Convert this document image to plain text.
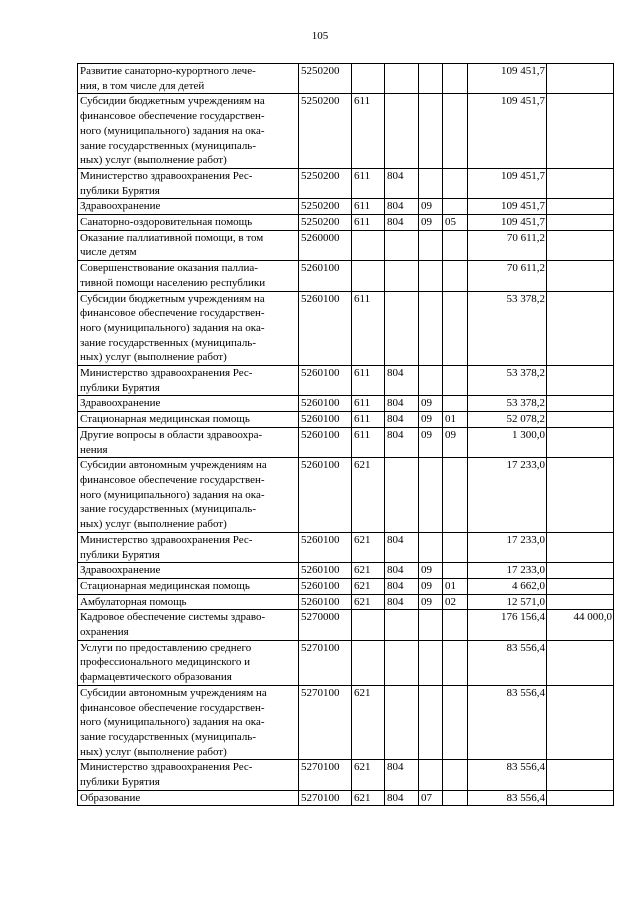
105
Развитие санаторно-курортного лече-
ния, в том числе для детей	5250200					109 451,7	
Субсидии бюджетным учреждениям на
финансовое обеспечение государствен-
ного (муниципального) задания на ока-
зание государственных (муниципаль-
ных) услуг (выполнение работ)	5250200	611				109 451,7	
Министерство здравоохранения Рес-
публики Бурятия	5250200	611	804			109 451,7	
Здравоохранение	5250200	611	804	09		109 451,7	
Санаторно-оздоровительная помощь	5250200	611	804	09	05	109 451,7	
Оказание паллиативной помощи, в том
числе детям	5260000					70 611,2	
Совершенствование оказания паллиа-
тивной помощи населению республики	5260100					70 611,2	
Субсидии бюджетным учреждениям на
финансовое обеспечение государствен-
ного (муниципального) задания на ока-
зание государственных (муниципаль-
ных) услуг (выполнение работ)	5260100	611				53 378,2	
Министерство здравоохранения Рес-
публики Бурятия	5260100	611	804			53 378,2	
Здравоохранение	5260100	611	804	09		53 378,2	
Стационарная медицинская помощь	5260100	611	804	09	01	52 078,2	
Другие вопросы в области здравоохра-
нения	5260100	611	804	09	09	1 300,0	
Субсидии автономным учреждениям на
финансовое обеспечение государствен-
ного (муниципального) задания на ока-
зание государственных (муниципаль-
ных) услуг (выполнение работ)	5260100	621				17 233,0	
Министерство здравоохранения Рес-
публики Бурятия	5260100	621	804			17 233,0	
Здравоохранение	5260100	621	804	09		17 233,0	
Стационарная медицинская помощь	5260100	621	804	09	01	4 662,0	
Амбулаторная помощь	5260100	621	804	09	02	12 571,0	
Кадровое обеспечение системы здраво-
охранения	5270000					176 156,4	44 000,0
Услуги по предоставлению среднего
профессионального медицинского и
фармацевтического образования	5270100					83 556,4	
Субсидии автономным учреждениям на
финансовое обеспечение государствен-
ного (муниципального) задания на ока-
зание государственных (муниципаль-
ных) услуг (выполнение работ)	5270100	621				83 556,4	
Министерство здравоохранения Рес-
публики Бурятия	5270100	621	804			83 556,4	
Образование	5270100	621	804	07		83 556,4	
